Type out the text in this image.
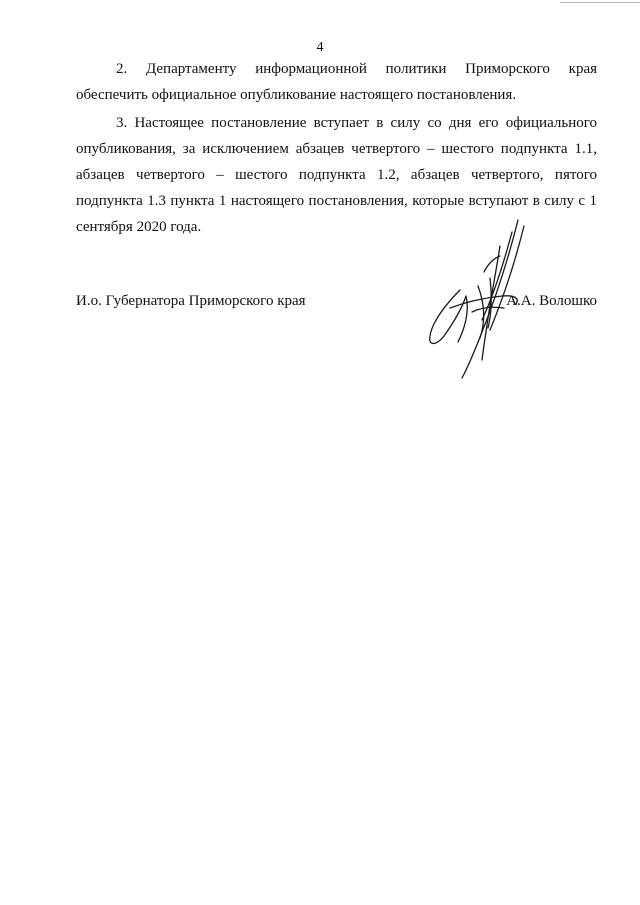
4

2. Департаменту информационной политики Приморского края обеспечить официальное опубликование настоящего постановления.

3. Настоящее постановление вступает в силу со дня его официального опубликования, за исключением абзацев четвертого – шестого подпункта 1.1, абзацев четвертого – шестого подпункта 1.2, абзацев четвертого, пятого подпункта 1.3 пункта 1 настоящего постановления, которые вступают в силу с 1 сентября 2020 года.

И.о. Губернатора Приморского края	А.А. Волошко
